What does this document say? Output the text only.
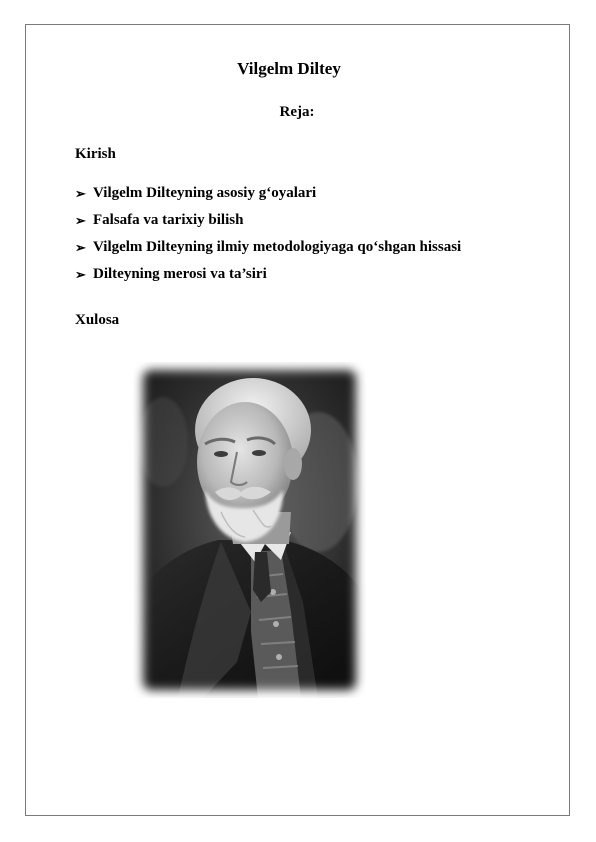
Vilgelm Diltey
Reja:
Kirish
➢ Vilgelm Dilteyning asosiy g‘oyalari
➢ Falsafa va tarixiy bilish
➢ Vilgelm Dilteyning ilmiy metodologiyaga qo‘shgan hissasi
➢ Dilteyning merosi va ta’siri
Xulosa
